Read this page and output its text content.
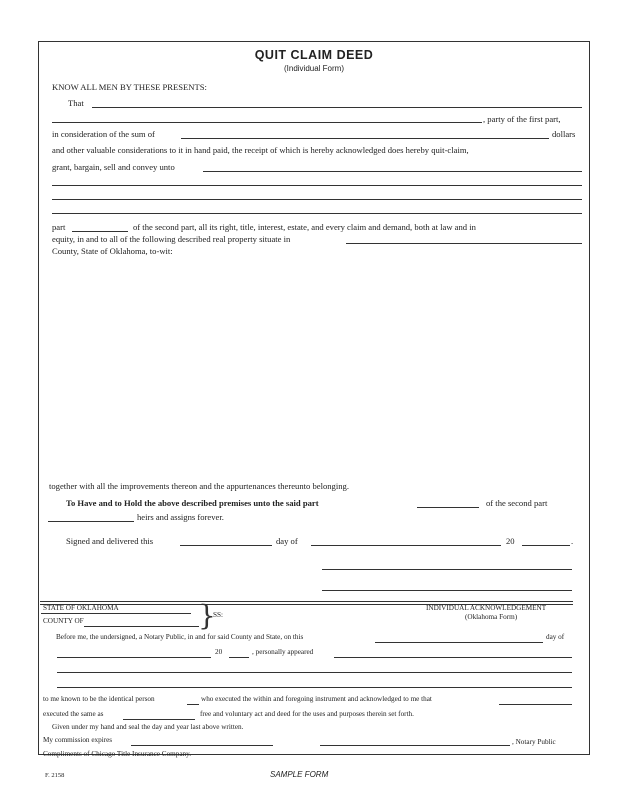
QUIT CLAIM DEED
(Individual Form)
KNOW ALL MEN BY THESE PRESENTS:
That
, party of the first part,
in consideration of the sum of	dollars
and other valuable considerations to it in hand paid, the receipt of which is hereby acknowledged does hereby quit-claim,
grant, bargain, sell and convey unto
part	of the second part, all its right, title, interest, estate, and every claim and demand, both at law and in
equity, in and to all of the following described real property situate in
County, State of Oklahoma, to-wit:
together with all the improvements thereon and the appurtenances thereunto belonging.
To Have and to Hold the above described premises unto the said part	of the second part
heirs and assigns forever.
Signed and delivered this	day of	20	.
STATE OF OKLAHOMA
COUNTY OF	}
SS:
INDIVIDUAL ACKNOWLEDGEMENT
(Oklahoma Form)
Before me, the undersigned, a Notary Public, in and for said County and State, on this	day of
20	, personally appeared
to me known to be the identical person	who executed the within and foregoing instrument and acknowledged to me that
executed the same as	free and voluntary act and deed for the uses and purposes therein set forth.
Given under my hand and seal the day and year last above written.
My commission expires	, Notary Public
Compliments of Chicago Title Insurance Company.
F. 2158	SAMPLE FORM
